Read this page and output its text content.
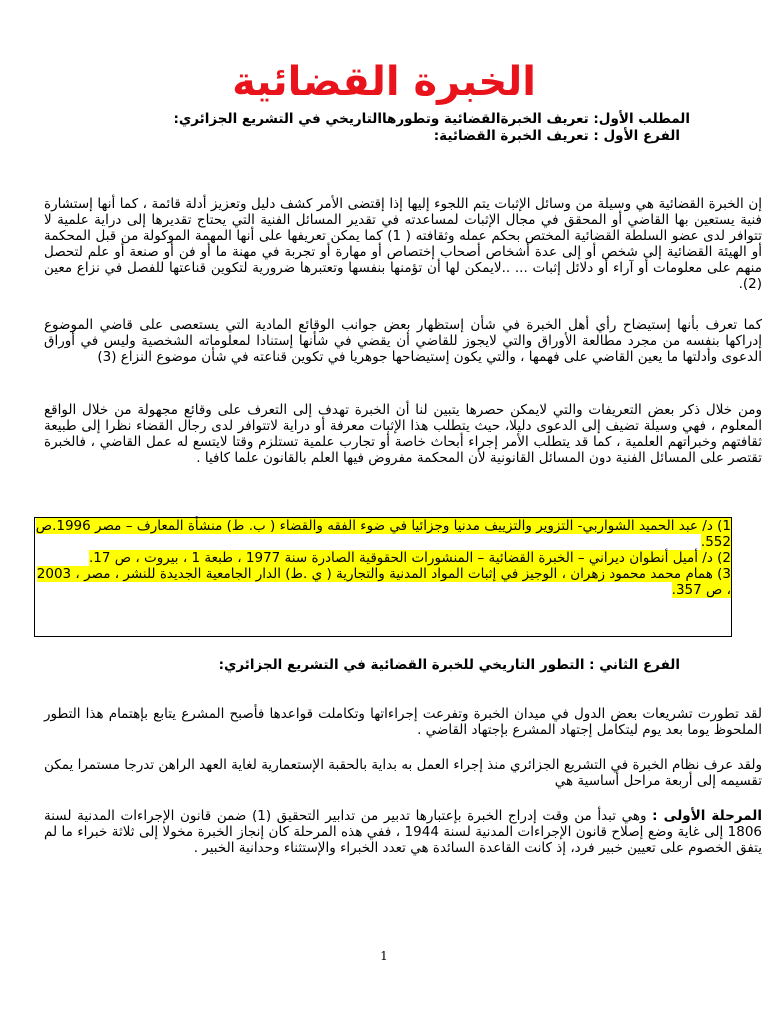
الخبرة القضائية

المطلب الأول: تعريف الخبرةالقضائية وتطورهاالتاريخي في التشريع الجزائري:

الفرع الأول : تعريف الخبرة القضائية:

إن الخبرة القضائية هي وسيلة من وسائل الإثبات يتم اللجوء إليها إذا إقتضى الأمر كشف دليل وتعزيز أدلة قائمة ، كما أنها إستشارة فنية يستعين بها القاضي أو المحقق في مجال الإثبات لمساعدته في تقدير المسائل الفنية التي يحتاج تقديرها إلى دراية علمية لا تتوافر لدى عضو السلطة القضائية المختص بحكم عمله وثقافته ( 1) كما يمكن تعريفها على أنها المهمة الموكولة من قبل المحكمة أو الهيئة القضائية إلى شخص أو إلى عدة أشخاص أصحاب إختصاص أو مهارة أو تجربة في مهنة ما أو فن أو صنعة أو علم لتحصل منهم على معلومات أو آراء أو دلائل إثبات ... ..لايمكن لها أن تؤمنها بنفسها وتعتبرها ضرورية لتكوين قناعتها للفصل في نزاع معين (2).

كما تعرف بأنها إستيضاح رأي أهل الخبرة في شأن إستظهار بعض جوانب الوقائع المادية التي يستعصى على قاضي الموضوع إدراكها بنفسه من مجرد مطالعة الأوراق والتي لايجوز للقاضي أن يقضي في شأنها إستنادا لمعلوماته الشخصية وليس في أوراق الدعوى وأدلتها ما يعين القاضي على فهمها ، والتي يكون إستيضاحها جوهريا في تكوين قناعته في شأن موضوع النزاع (3)

ومن خلال ذكر بعض التعريفات والتي لايمكن حصرها يتبين لنا أن الخبرة تهدف إلى التعرف على وقائع مجهولة من خلال الواقع المعلوم ، فهي وسيلة تضيف إلى الدعوى دليلا، حيث يتطلب هذا الإثبات معرفة أو دراية لاتتوافر لدى رجال القضاء نظرا إلى طبيعة ثقافتهم وخبراتهم العلمية ، كما قد يتطلب الأمر إجراء أبحاث خاصة أو تجارب علمية تستلزم وقتا لايتسع له عمل القاضي ، فالخبرة تقتصر على المسائل الفنية دون المسائل القانونية لأن المحكمة مفروض فيها العلم بالقانون علما كافيا .

1) د/ عبد الحميد الشواربي- التزوير والتزييف مدنيا وجزائيا في ضوء الفقه والقضاء ( ب. ط) منشأة المعارف – مصر 1996.ص 552.

2) د/ أميل أنطوان ديراني – الخبرة القضائية – المنشورات الحقوقية الصادرة سنة 1977 ، طبعة 1 ، بيروت ، ص 17.

3) همام محمد محمود زهران ، الوجيز في إثبات المواد المدنية والتجارية ( ي .ط) الدار الجامعية الجديدة للنشر ، مصر ، 2003 ، ص 357.

الفرع الثاني : التطور التاريخي للخبرة القضائية في التشريع الجزائري:

لقد تطورت تشريعات بعض الدول في ميدان الخبرة وتفرعت إجراءاتها وتكاملت قواعدها فأصبح المشرع يتابع بإهتمام هذا التطور الملحوظ يوما بعد يوم ليتكامل إجتهاد المشرع بإجتهاد القاضي .

ولقد عرف نظام الخبرة في التشريع الجزائري منذ إجراء العمل به بداية بالحقبة الإستعمارية لغاية العهد الراهن تدرجا مستمرا يمكن تقسيمه إلى أربعة مراحل أساسية هي

المرحلة الأولى : وهي تبدأ من وقت إدراج الخبرة بإعتبارها تدبير من تدابير التحقيق (1) ضمن قانون الإجراءات المدنية لسنة 1806 إلى غاية وضع إصلاح قانون الإجراءات المدنية لسنة 1944 ، ففي هذه المرحلة كان إنجاز الخبرة مخولا إلى ثلاثة خبراء ما لم يتفق الخصوم على تعيين خبير فرد، إذ كانت القاعدة السائدة هي تعدد الخبراء والإستثناء وحدانية الخبير .

1
